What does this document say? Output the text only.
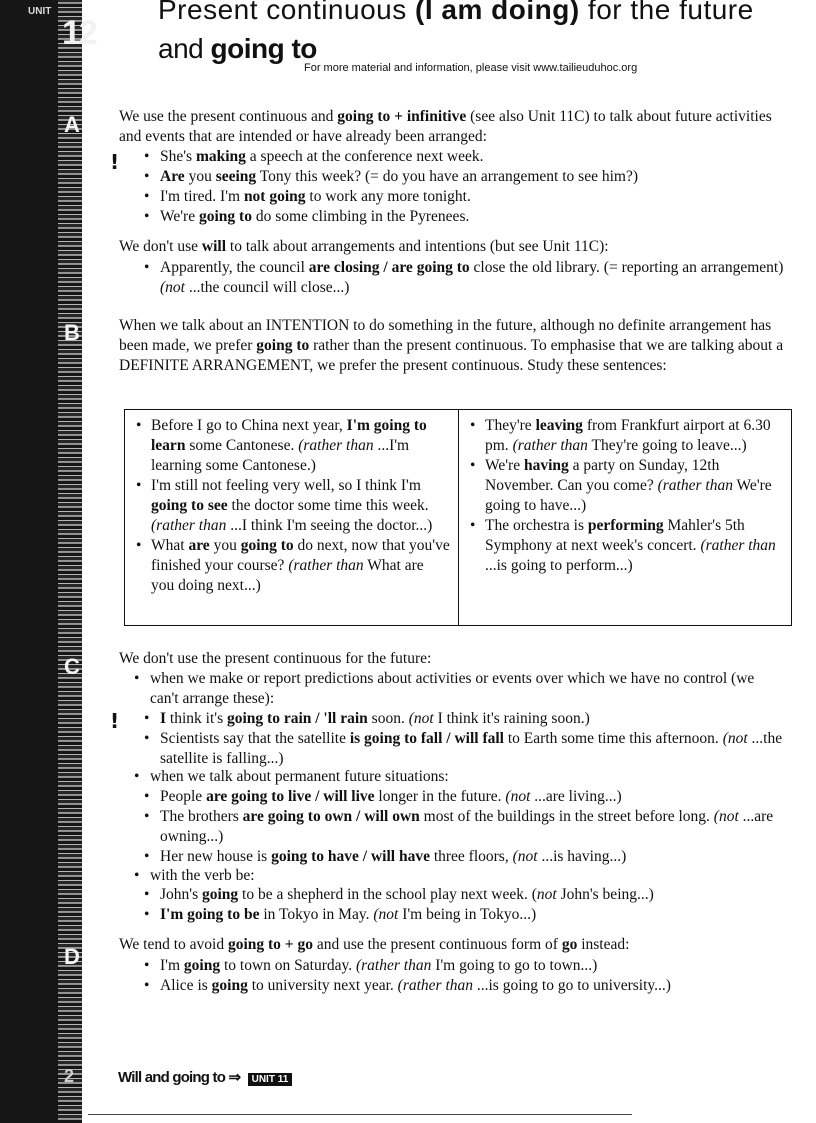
UNIT
12
A
B
C
D
2
Present continuous (I am doing) for the future
and going to
For more material and information, please visit www.tailieuduhoc.org

We use the present continuous and going to + infinitive (see also Unit 11C) to talk about future activities and events that are intended or have already been arranged:

!	• She's making a speech at the conference next week.
• Are you seeing Tony this week? (= do you have an arrangement to see him?)
• I'm tired. I'm not going to work any more tonight.
• We're going to do some climbing in the Pyrenees.

We don't use will to talk about arrangements and intentions (but see Unit 11C):

• Apparently, the council are closing / are going to close the old library. (= reporting an arrangement) (not ...the council will close...)

When we talk about an INTENTION to do something in the future, although no definite arrangement has been made, we prefer going to rather than the present continuous. To emphasise that we are talking about a DEFINITE ARRANGEMENT, we prefer the present continuous. Study these sentences:

• Before I go to China next year, I'm going to learn some Cantonese. (rather than ...I'm learning some Cantonese.)
• I'm still not feeling very well, so I think I'm going to see the doctor some time this week. (rather than ...I think I'm seeing the doctor...)
• What are you going to do next, now that you've finished your course? (rather than What are you doing next...)
• They're leaving from Frankfurt airport at 6.30 pm. (rather than They're going to leave...)
• We're having a party on Sunday, 12th November. Can you come? (rather than We're going to have...)
• The orchestra is performing Mahler's 5th Symphony at next week's concert. (rather than ...is going to perform...)

We don't use the present continuous for the future:

• when we make or report predictions about activities or events over which we have no control (we can't arrange these):
!	• I think it's going to rain / 'll rain soon. (not I think it's raining soon.)
• Scientists say that the satellite is going to fall / will fall to Earth some time this afternoon. (not ...the satellite is falling...)
• when we talk about permanent future situations:
• People are going to live / will live longer in the future. (not ...are living...)
• The brothers are going to own / will own most of the buildings in the street before long. (not ...are owning...)
• Her new house is going to have / will have three floors, (not ...is having...)
• with the verb be:
• John's going to be a shepherd in the school play next week. (not John's being...)
• I'm going to be in Tokyo in May. (not I'm being in Tokyo...)

We tend to avoid going to + go and use the present continuous form of go instead:

• I'm going to town on Saturday. (rather than I'm going to go to town...)
• Alice is going to university next year. (rather than ...is going to go to university...)
Will and going to ⇒ UNIT 11
